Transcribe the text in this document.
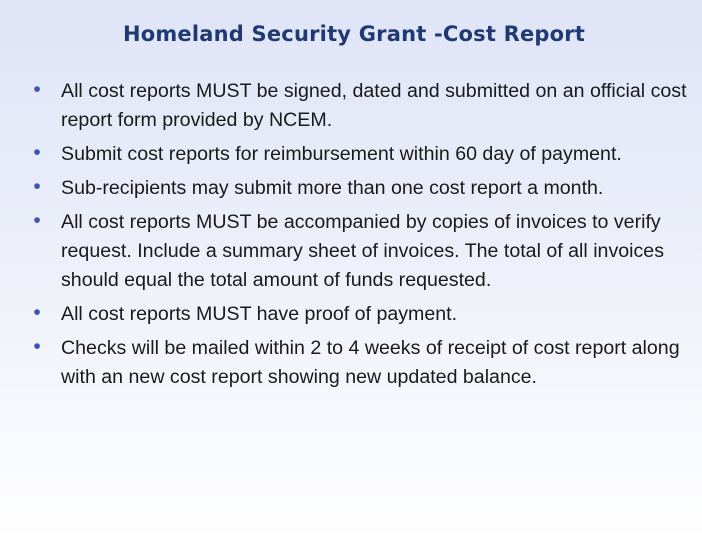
Homeland Security Grant -Cost Report
• All cost reports MUST be signed, dated and submitted on an official cost report form provided by NCEM.
• Submit cost reports for reimbursement within 60 day of payment.
• Sub-recipients may submit more than one cost report a month.
• All cost reports MUST be accompanied by copies of invoices to verify request. Include a summary sheet of invoices. The total of all invoices should equal the total amount of funds requested.
• All cost reports MUST have proof of payment.
• Checks will be mailed within 2 to 4 weeks of receipt of cost report along with an new cost report showing new updated balance.
